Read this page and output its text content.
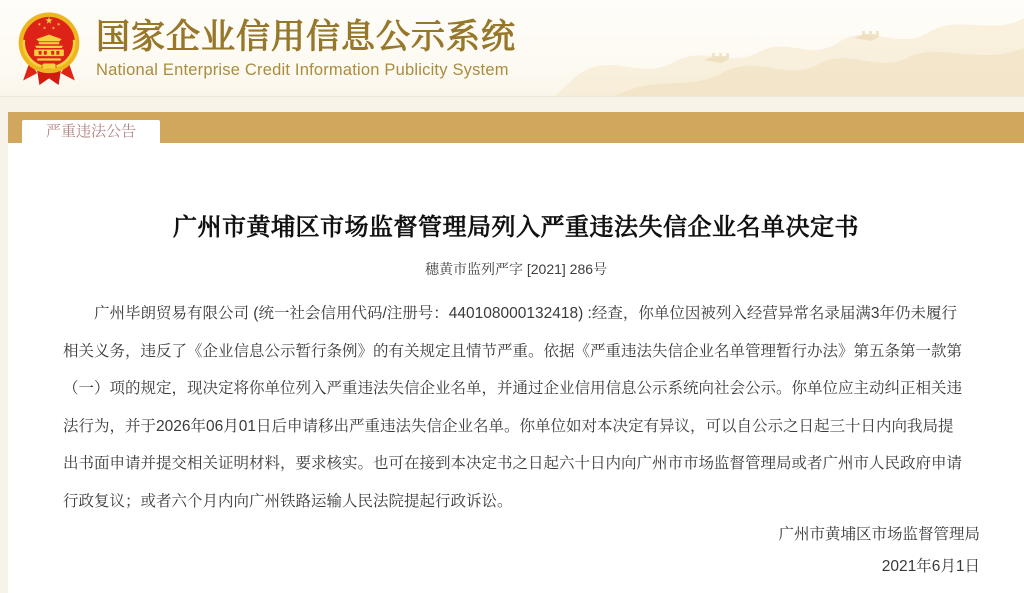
国家企业信用信息公示系统
National Enterprise Credit Information Publicity System
严重违法公告
广州市黄埔区市场监督管理局列入严重违法失信企业名单决定书

穗黄市监列严字 [2021] 286号

广州毕朗贸易有限公司 (统一社会信用代码/注册号：440108000132418) :经查，你单位因被列入经营异常名录届满3年仍未履行相关义务，违反了《企业信息公示暂行条例》的有关规定且情节严重。依据《严重违法失信企业名单管理暂行办法》第五条第一款第（一）项的规定，现决定将你单位列入严重违法失信企业名单，并通过企业信用信息公示系统向社会公示。你单位应主动纠正相关违法行为，并于2026年06月01日后申请移出严重违法失信企业名单。你单位如对本决定有异议，可以自公示之日起三十日内向我局提出书面申请并提交相关证明材料，要求核实。也可在接到本决定书之日起六十日内向广州市市场监督管理局或者广州市人民政府申请行政复议；或者六个月内向广州铁路运输人民法院提起行政诉讼。

广州市黄埔区市场监督管理局

2021年6月1日
